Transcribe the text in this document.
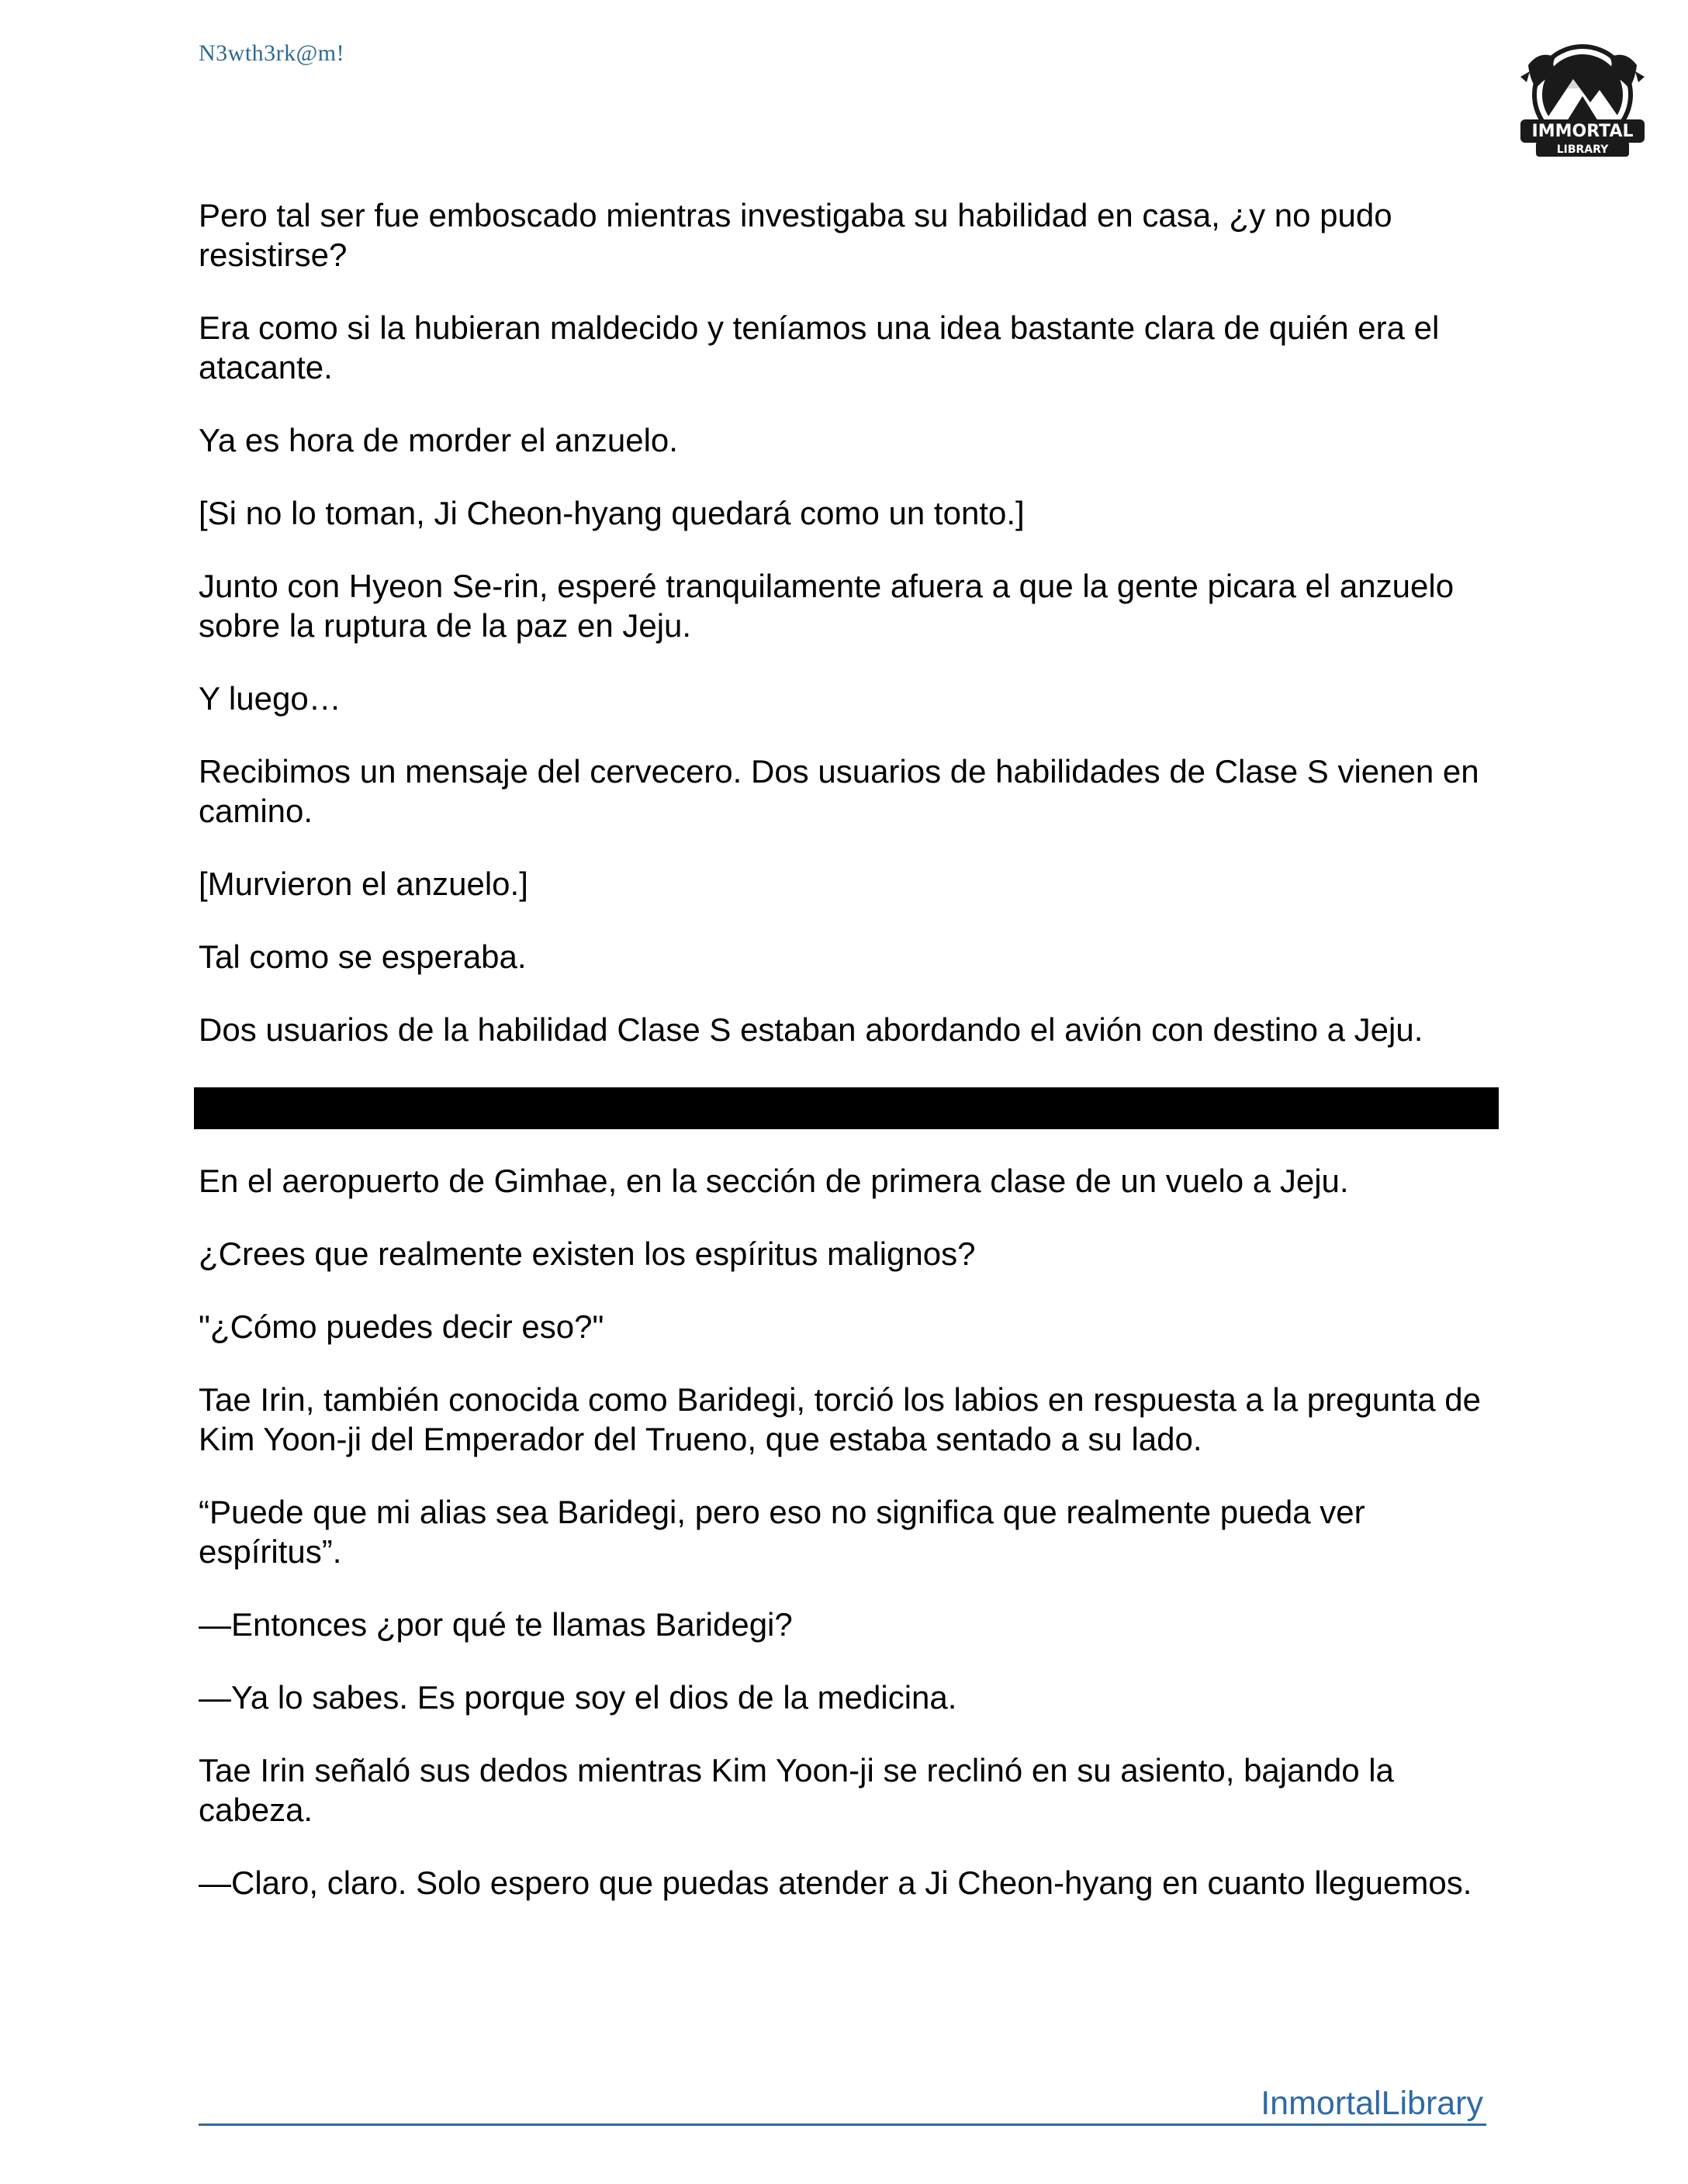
N3wth3rk@m!
IMMORTAL
LIBRARY

Pero tal ser fue emboscado mientras investigaba su habilidad en casa, ¿y no pudo resistirse?

Era como si la hubieran maldecido y teníamos una idea bastante clara de quién era el atacante.

Ya es hora de morder el anzuelo.

[Si no lo toman, Ji Cheon-hyang quedará como un tonto.]

Junto con Hyeon Se-rin, esperé tranquilamente afuera a que la gente picara el anzuelo sobre la ruptura de la paz en Jeju.

Y luego…

Recibimos un mensaje del cervecero. Dos usuarios de habilidades de Clase S vienen en camino.

[Murvieron el anzuelo.]

Tal como se esperaba.

Dos usuarios de la habilidad Clase S estaban abordando el avión con destino a Jeju.

En el aeropuerto de Gimhae, en la sección de primera clase de un vuelo a Jeju.

¿Crees que realmente existen los espíritus malignos?

"¿Cómo puedes decir eso?"

Tae Irin, también conocida como Baridegi, torció los labios en respuesta a la pregunta de Kim Yoon-ji del Emperador del Trueno, que estaba sentado a su lado.

“Puede que mi alias sea Baridegi, pero eso no significa que realmente pueda ver espíritus”.

—Entonces ¿por qué te llamas Baridegi?

—Ya lo sabes. Es porque soy el dios de la medicina.

Tae Irin señaló sus dedos mientras Kim Yoon-ji se reclinó en su asiento, bajando la cabeza.

—Claro, claro. Solo espero que puedas atender a Ji Cheon-hyang en cuanto lleguemos.

InmortalLibrary
